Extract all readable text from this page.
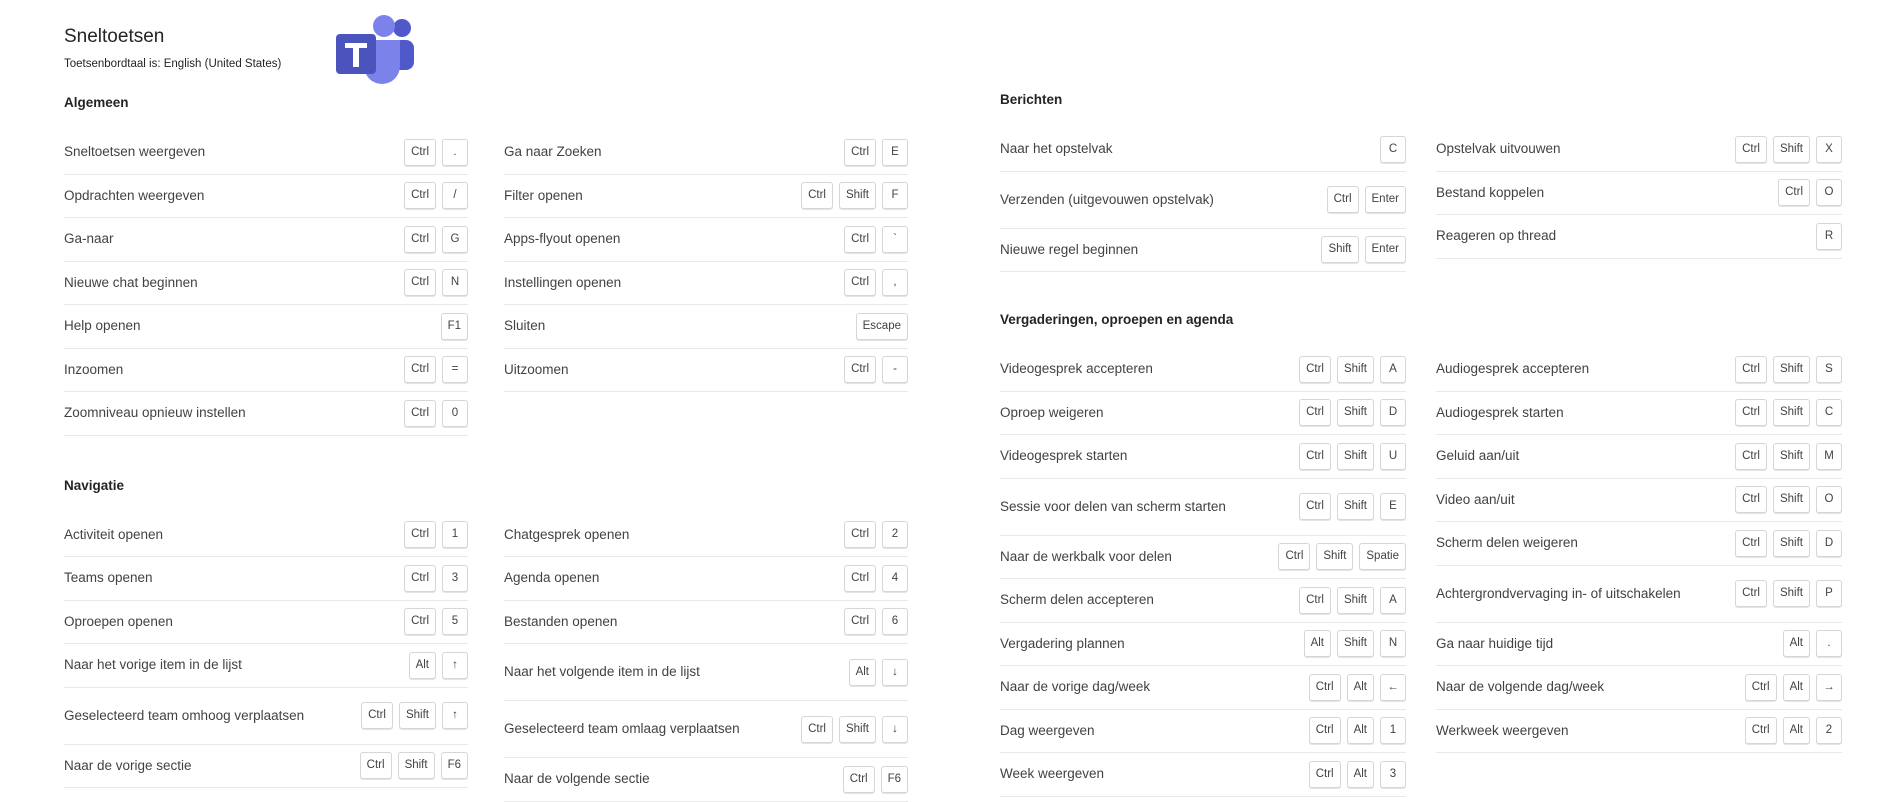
Sneltoetsen
Toetsenbordtaal is: English (United States)
Algemeen
Sneltoetsen weergeven	Ctrl	.
Opdrachten weergeven	Ctrl	/
Ga-naar	Ctrl	G
Nieuwe chat beginnen	Ctrl	N
Help openen	F1
Inzoomen	Ctrl	=
Zoomniveau opnieuw instellen	Ctrl	0
Ga naar Zoeken	Ctrl	E
Filter openen	Ctrl	Shift	F
Apps-flyout openen	Ctrl	`
Instellingen openen	Ctrl	,
Sluiten	Escape
Uitzoomen	Ctrl	-
Navigatie
Activiteit openen	Ctrl	1
Teams openen	Ctrl	3
Oproepen openen	Ctrl	5
Naar het vorige item in de lijst	Alt	↑
Geselecteerd team omhoog verplaatsen	Ctrl	Shift	↑
Naar de vorige sectie	Ctrl	Shift	F6
Chatgesprek openen	Ctrl	2
Agenda openen	Ctrl	4
Bestanden openen	Ctrl	6
Naar het volgende item in de lijst	Alt	↓
Geselecteerd team omlaag verplaatsen	Ctrl	Shift	↓
Naar de volgende sectie	Ctrl	F6
Berichten
Naar het opstelvak	C
Verzenden (uitgevouwen opstelvak)	Ctrl	Enter
Nieuwe regel beginnen	Shift	Enter
Opstelvak uitvouwen	Ctrl	Shift	X
Bestand koppelen	Ctrl	O
Reageren op thread	R
Vergaderingen, oproepen en agenda
Videogesprek accepteren	Ctrl	Shift	A
Oproep weigeren	Ctrl	Shift	D
Videogesprek starten	Ctrl	Shift	U
Sessie voor delen van scherm starten	Ctrl	Shift	E
Naar de werkbalk voor delen	Ctrl	Shift	Spatie
Scherm delen accepteren	Ctrl	Shift	A
Vergadering plannen	Alt	Shift	N
Naar de vorige dag/week	Ctrl	Alt	←
Dag weergeven	Ctrl	Alt	1
Week weergeven	Ctrl	Alt	3
Audiogesprek accepteren	Ctrl	Shift	S
Audiogesprek starten	Ctrl	Shift	C
Geluid aan/uit	Ctrl	Shift	M
Video aan/uit	Ctrl	Shift	O
Scherm delen weigeren	Ctrl	Shift	D
Achtergrondvervaging in- of uitschakelen	Ctrl	Shift	P
Ga naar huidige tijd	Alt	.
Naar de volgende dag/week	Ctrl	Alt	→
Werkweek weergeven	Ctrl	Alt	2
